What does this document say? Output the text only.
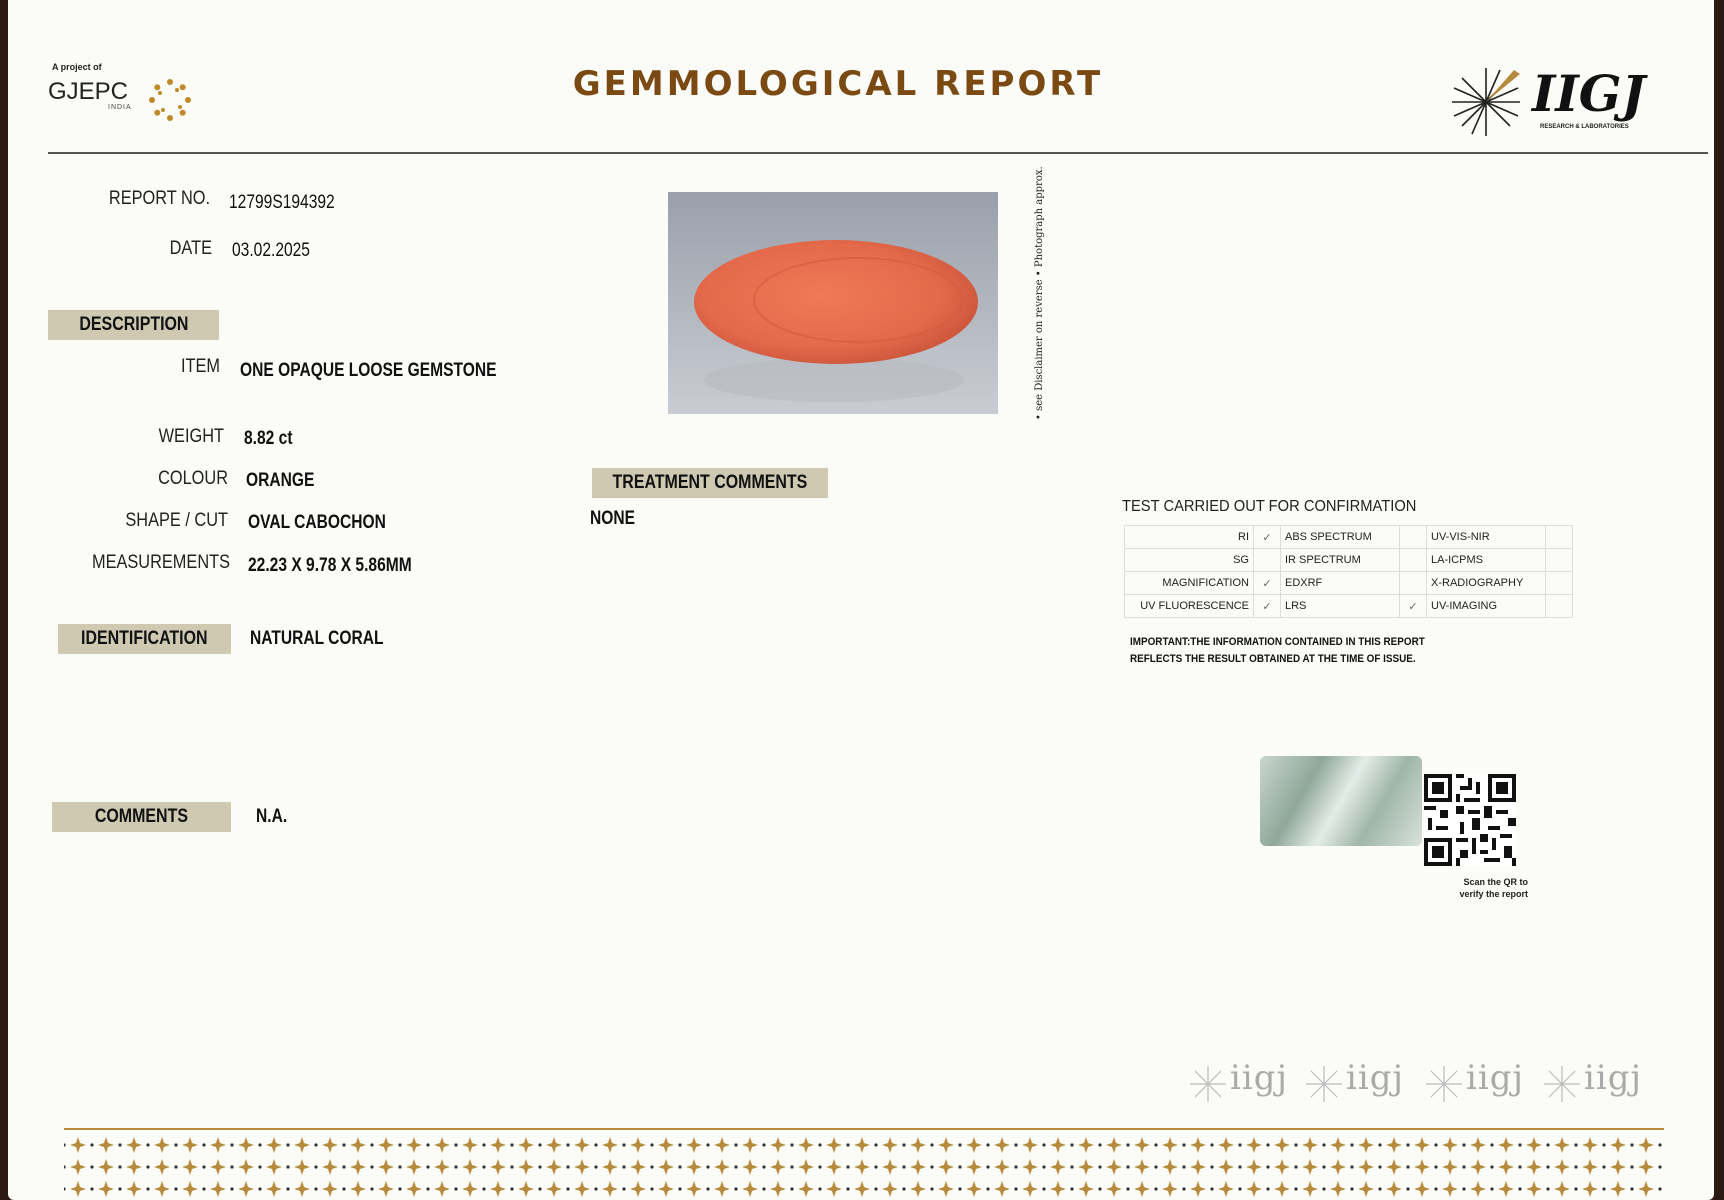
A project of
GJEPC
INDIA
GEMMOLOGICAL REPORT	IIGJ
RESEARCH & LABORATORIES
REPORT NO. 12799S194392
DATE 03.02.2025
DESCRIPTION
ITEM ONE OPAQUE LOOSE GEMSTONE
WEIGHT 8.82 ct
COLOUR ORANGE
SHAPE / CUT OVAL CABOCHON
MEASUREMENTS 22.23 X 9.78 X 5.86MM
IDENTIFICATION	NATURAL CORAL
COMMENTS	N.A.
• see Disclaimer on reverse • Photograph approx.
TREATMENT COMMENTS
NONE
TEST CARRIED OUT FOR CONFIRMATION
RI	✓	ABS SPECTRUM		UV-VIS-NIR	
SG		IR SPECTRUM		LA-ICPMS	
MAGNIFICATION	✓	EDXRF		X-RADIOGRAPHY	
UV FLUORESCENCE	✓	LRS	✓	UV-IMAGING	
IMPORTANT:THE INFORMATION CONTAINED IN THIS REPORT REFLECTS THE RESULT OBTAINED AT THE TIME OF ISSUE.
Scan the QR to verify the report
iigj iigj iigj iigj
